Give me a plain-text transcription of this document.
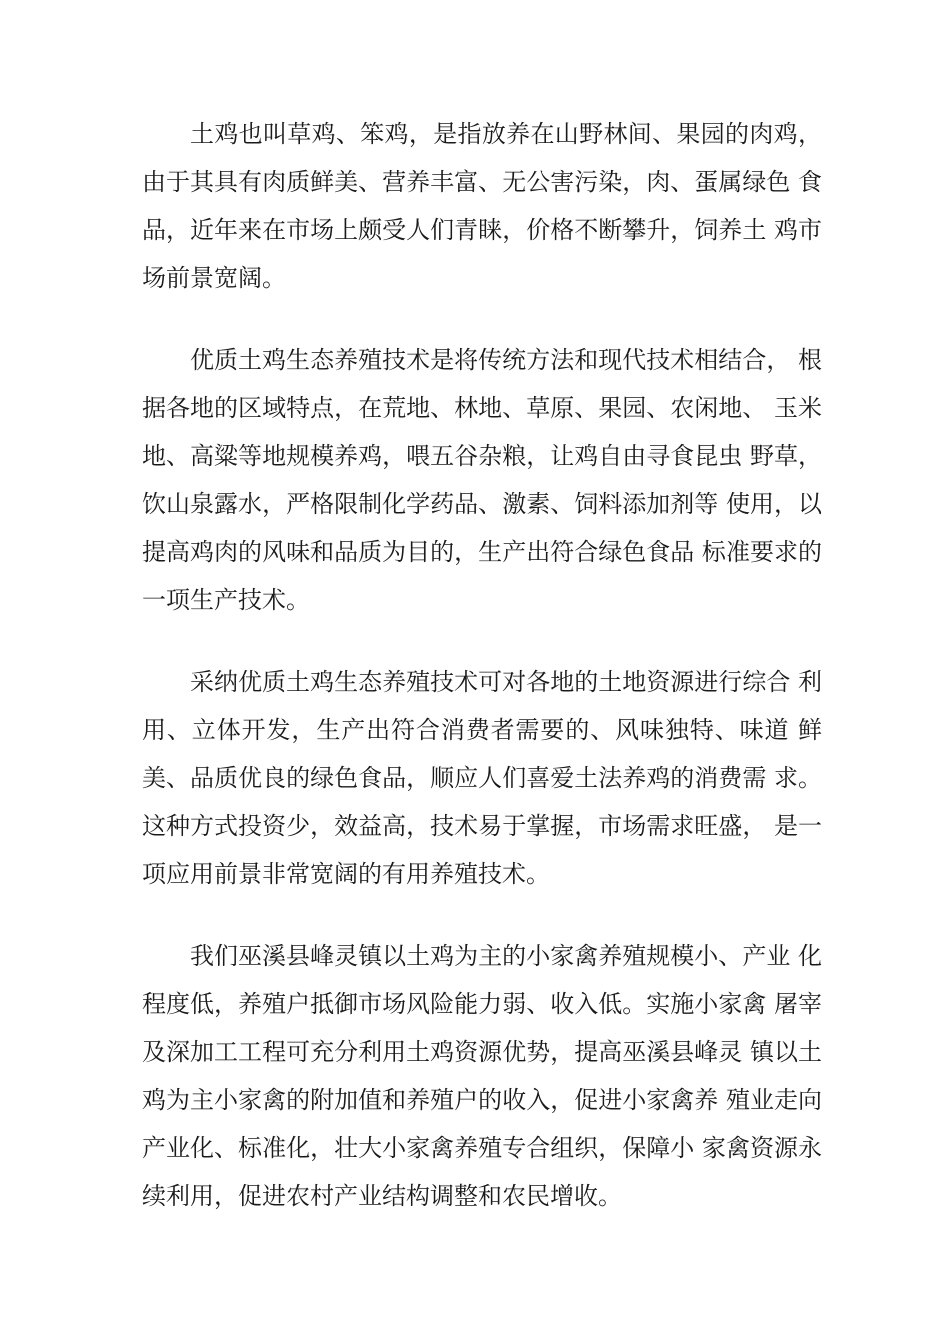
土鸡也叫草鸡、笨鸡，是指放养在山野林间、果园的肉鸡，
由于其具有肉质鲜美、营养丰富、无公害污染，肉、蛋属绿色 食
品，近年来在市场上颇受人们青睐，价格不断攀升，饲养土 鸡市
场前景宽阔。
优质土鸡生态养殖技术是将传统方法和现代技术相结合， 根
据各地的区域特点，在荒地、林地、草原、果园、农闲地、 玉米
地、高粱等地规模养鸡，喂五谷杂粮，让鸡自由寻食昆虫 野草，
饮山泉露水，严格限制化学药品、激素、饲料添加剂等 使用，以
提高鸡肉的风味和品质为目的，生产出符合绿色食品 标准要求的
一项生产技术。
采纳优质土鸡生态养殖技术可对各地的土地资源进行综合 利
用、立体开发，生产出符合消费者需要的、风味独特、味道 鲜
美、品质优良的绿色食品，顺应人们喜爱土法养鸡的消费需 求。
这种方式投资少，效益高，技术易于掌握，市场需求旺盛， 是一
项应用前景非常宽阔的有用养殖技术。
我们巫溪县峰灵镇以土鸡为主的小家禽养殖规模小、产业 化
程度低，养殖户抵御市场风险能力弱、收入低。实施小家禽 屠宰
及深加工工程可充分利用土鸡资源优势，提高巫溪县峰灵 镇以土
鸡为主小家禽的附加值和养殖户的收入，促进小家禽养 殖业走向
产业化、标准化，壮大小家禽养殖专合组织，保障小 家禽资源永
续利用，促进农村产业结构调整和农民增收。
